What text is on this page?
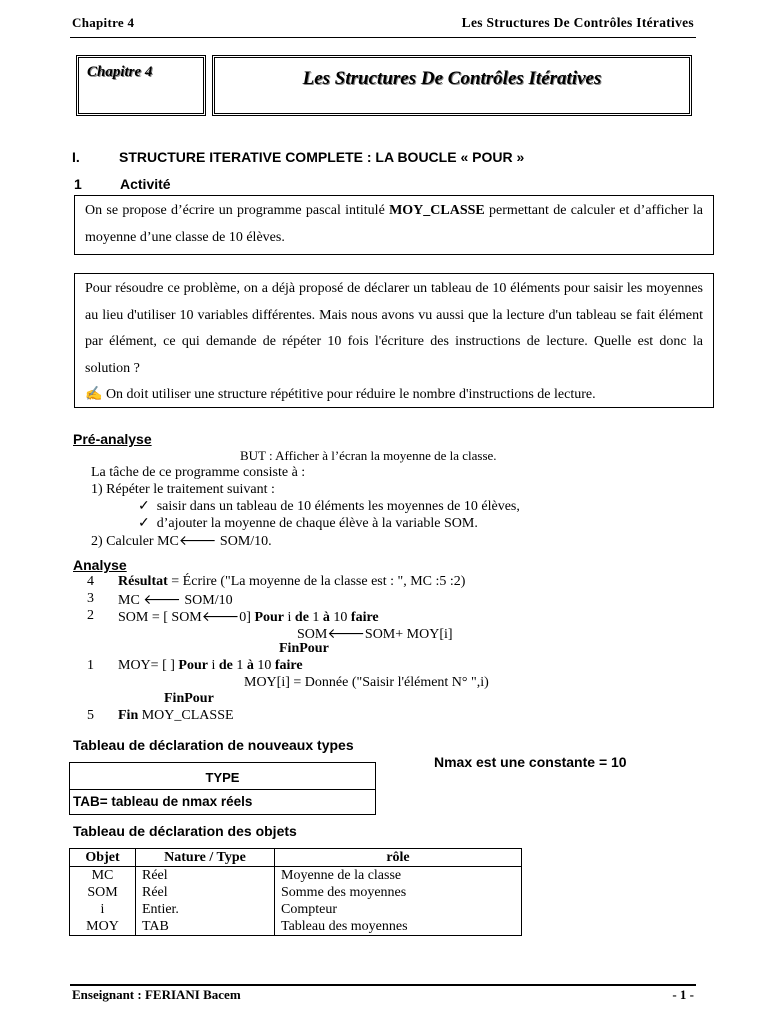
Chapitre 4	Les Structures De Contrôles Itératives
Chapitre 4	Les Structures De Contrôles Itératives
I.	STRUCTURE ITERATIVE COMPLETE : LA BOUCLE « POUR »
1	Activité
On se propose d’écrire un programme pascal intitulé MOY_CLASSE permettant de calculer et d’afficher la moyenne d’une classe de 10 élèves.
Pour résoudre ce problème, on a déjà proposé de déclarer un tableau de 10 éléments pour saisir les moyennes au lieu d'utiliser 10 variables différentes. Mais nous avons vu aussi que la lecture d'un tableau se fait élément par élément, ce qui demande de répéter 10 fois l'écriture des instructions de lecture. Quelle est donc la solution ?
✍ On doit utiliser une structure répétitive pour réduire le nombre d'instructions de lecture.
Pré-analyse
BUT : Afficher à l’écran la moyenne de la classe.
La tâche de ce programme consiste à :
1) Répéter le traitement suivant :
✓ saisir dans un tableau de 10 éléments les moyennes de 10 élèves,
✓ d’ajouter la moyenne de chaque élève à la variable SOM.
2) Calculer MC🡐 SOM/10.
Analyse
4 Résultat = Écrire ("La moyenne de la classe est : ", MC :5 :2)
3 MC 🡐 SOM/10
2 SOM = [ SOM🡐0] Pour i de 1 à 10 faire
SOM🡐SOM+ MOY[i]
FinPour
1 MOY= [ ] Pour i de 1 à 10 faire
MOY[i] = Donnée ("Saisir l'élément N° ",i)
FinPour
5 Fin MOY_CLASSE
Tableau de déclaration de nouveaux types
Nmax est une constante = 10
TYPE
TAB= tableau de nmax réels
Tableau de déclaration des objets
Objet	Nature / Type	rôle
MC	Réel	Moyenne de la classe
SOM	Réel	Somme des moyennes
i	Entier.	Compteur
MOY	TAB	Tableau des moyennes
Enseignant : FERIANI Bacem	- 1 -
